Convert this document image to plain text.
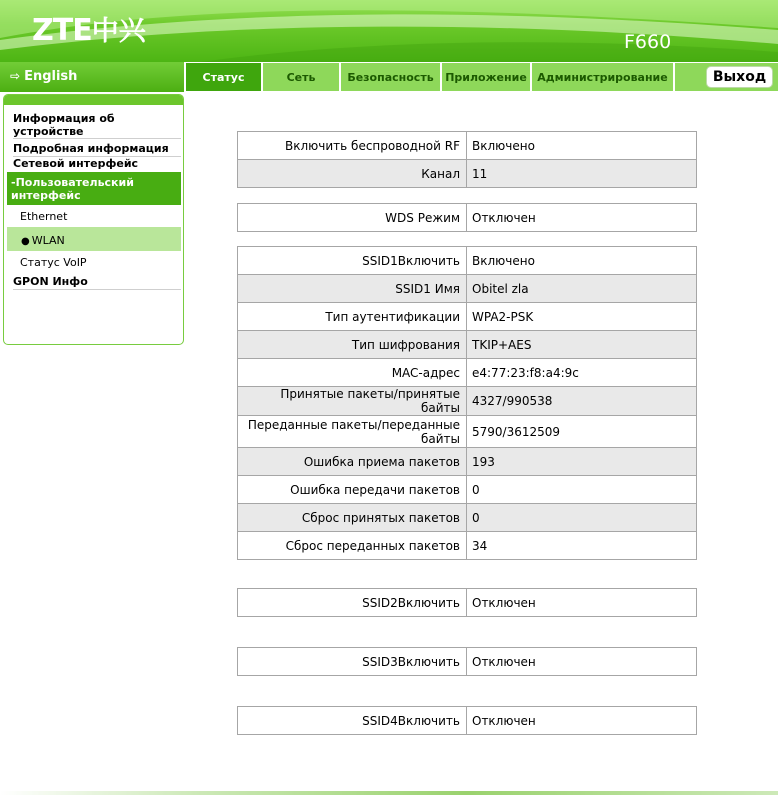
ZTE中兴	F660
⇨ English	Статус	Сеть	Безопасность	Приложение Администрирование	Выход
Информация об устройстве
Подробная информация
Сетевой интерфейс
-Пользовательский интерфейс
Ethernet
● WLAN
Статус VoIP
GPON Инфо
Включить беспроводной RF	Включено
Канал	11
WDS Режим	Отключен
SSID1Включить	Включено
SSID1 Имя	Obitel zla
Тип аутентификации	WPA2-PSK
Тип шифрования	TKIP+AES
MAC-адрес	e4:77:23:f8:a4:9c
Принятые пакеты/принятые байты	4327/990538
Переданные пакеты/переданные байты	5790/3612509
Ошибка приема пакетов	193
Ошибка передачи пакетов	0
Сброс принятых пакетов	0
Сброс переданных пакетов	34
SSID2Включить	Отключен
SSID3Включить	Отключен
SSID4Включить	Отключен
